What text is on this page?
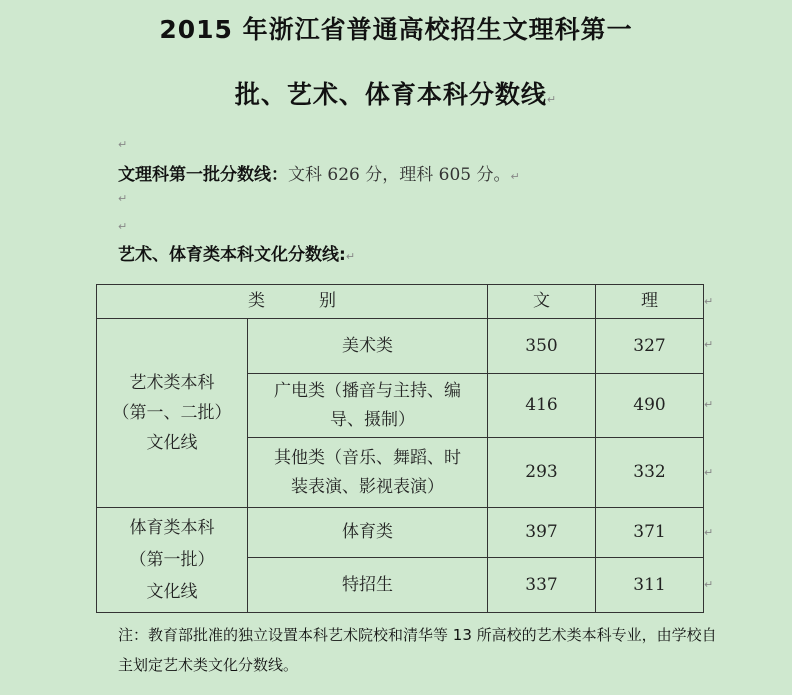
2015 年浙江省普通高校招生文理科第一
批、艺术、体育本科分数线↵
↵
文理科第一批分数线：文科 626 分，理科 605 分。↵
↵
↵
艺术、体育类本科文化分数线:↵
类          别		文	理

艺术类本科
（第一、二批）
文化线	美术类	350	327

	广电类（播音与主持、编
导、摄制）	416	490

	其他类（音乐、舞蹈、时
装表演、影视表演）	293	332

体育类本科
（第一批）
文化线	体育类	397	371
	特招生	337	311
↵
↵
↵
↵
↵
↵
注：教育部批准的独立设置本科艺术院校和清华等 13 所高校的艺术类本科专业，由学校自主划定艺术类文化分数线。
